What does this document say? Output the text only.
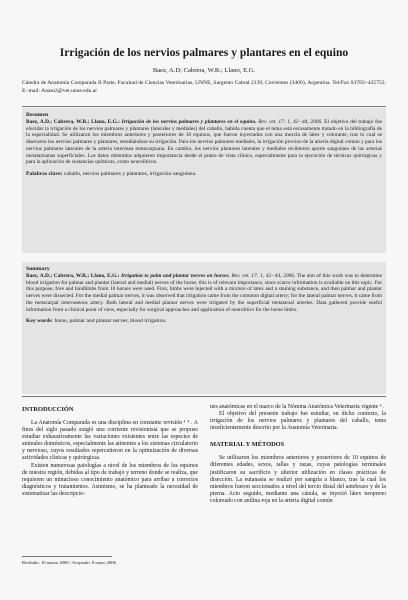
Irrigación de los nervios palmares y plantares en el equino
Baez, A.D; Cabrera, W.R.; Llano, E.G.
Cátedra de Anatomía Comparada II Parte, Facultad de Ciencias Veterinarias, UNNE, Sargento Cabral 2139, Corrientes (3400), Argentina. Tel/Fax 03783−425753. E−mail: Anato2@vet.unne.edu.ar
Resumen
Baez, A.D.; Cabrera, W.R.; Llano, E.G.: Irrigación de los nervios palmares y plantares en el equino. Rev. vet. 17: 1, 42−44, 2006. El objetivo del trabajo fue elucidar la irrigación de los nervios palmares y plantares (laterales y mediales) del caballo, habida cuenta que el tema está escasamente tratado en la bibliografía de la especialidad. Se utilizaron los miembros anteriores y posteriores de 10 equinos, que fueron inyectados con una mezcla de látex y colorante, tras lo cual se disecaron los nervios palmares y plantares, estudiándose su irrigación. Para los nervios palmares mediales, la irrigación provino de la arteria digital común y para los nervios palmares laterales de la arteria interósea metacarpiana. En cambio, los nervios plantares laterales y mediales recibieron aporte sanguíneo de las arterias metatarsianas superficiales. Los datos obtenidos adquieren importancia desde el punto de vista clínico, especialmente para la ejecución de técnicas quirúrgicas y para la aplicación de sustancias químicas, como neurolíticos.
Palabras clave: caballo, nervios palmares y plantares, irrigación sanguínea.
Summary
Baez, A.D.; Cabrera, W.R.; Llano, E.G.: Irrigation to palm and plantar nerves on horses. Rev. vet. 17: 1, 42−44, 2006. The aim of this work was to determine blood irrigation for palmar and plantar (lateral and medial) nerves of the horse; this is of relevant importance, since scarce information is available on this topic. For this purpose, fore and hindlimbs from 10 horses were used. First, limbs were injected with a mixture of latex and a staining substance, and then palmar and plantar nerves were dissected. For the medial palmar nerves, it was observed that irrigation came from the common digital artery; for the lateral palmar nerves, it came from the metacarpal interosseous artery. Both lateral and medial plantar nerves were irrigated by the superficial metatarsal arteries. Data gathered provide useful information from a clinical point of view, especially for surgical approaches and application of neurolitics for the horse limbs.
Key words: horse, palmar and plantar nerves, blood irrigation.
INTRODUCCIÓN

La Anatomía Comparada es una disciplina en constante revisión ¹ ⁴ . A fines del siglo pasado surgió una corriente revisionista que se propuso estudiar exhaustivamente las variaciones existentes entre las especies de animales domésticos, especialmente las atinentes a los sistemas circulatorio y nervioso, cuyos resultados repercutieron en la optimización de diversas actividades clínicas y quirúrgicas.

Existen numerosas patologías a nivel de los miembros de los equinos de nuestra región, debidas al tipo de trabajo y terreno donde se realiza, que requieren un minucioso conocimiento anatómico para arribar a correctos diagnósticos y tratamientos. Asimismo, se ha planteado la necesidad de sistematizar las descripcio-

nes anatómicas en el marco de la Nómina Anatómica Veterinaria vigente ⁶ .

El objetivo del presente trabajo fue estudiar, en dicho contexto, la irrigación de los nervios palmares y plantares del caballo, tema insuficientemente descrito por la Anatomía Veterinaria.

MATERIAL Y MÉTODOS

Se utilizaron los miembros anteriores y posteriores de 10 equinos de diferentes edades, sexos, tallas y razas, cuyas patologías terminales justificaron su sacrificio y ulterior utilización en clases prácticas de disección. La eutanasia se realizó por sangría a blanco, tras la cual los miembros fueron seccionados a nivel del tercio distal del antebrazo y de la pierna. Acto seguido, mediante una cánula, se inyectó látex neopreno coloreado con anilina roja en la arteria digital común

Recibido: 10 marzo 2006 / Aceptado: 8 mayo 2006
